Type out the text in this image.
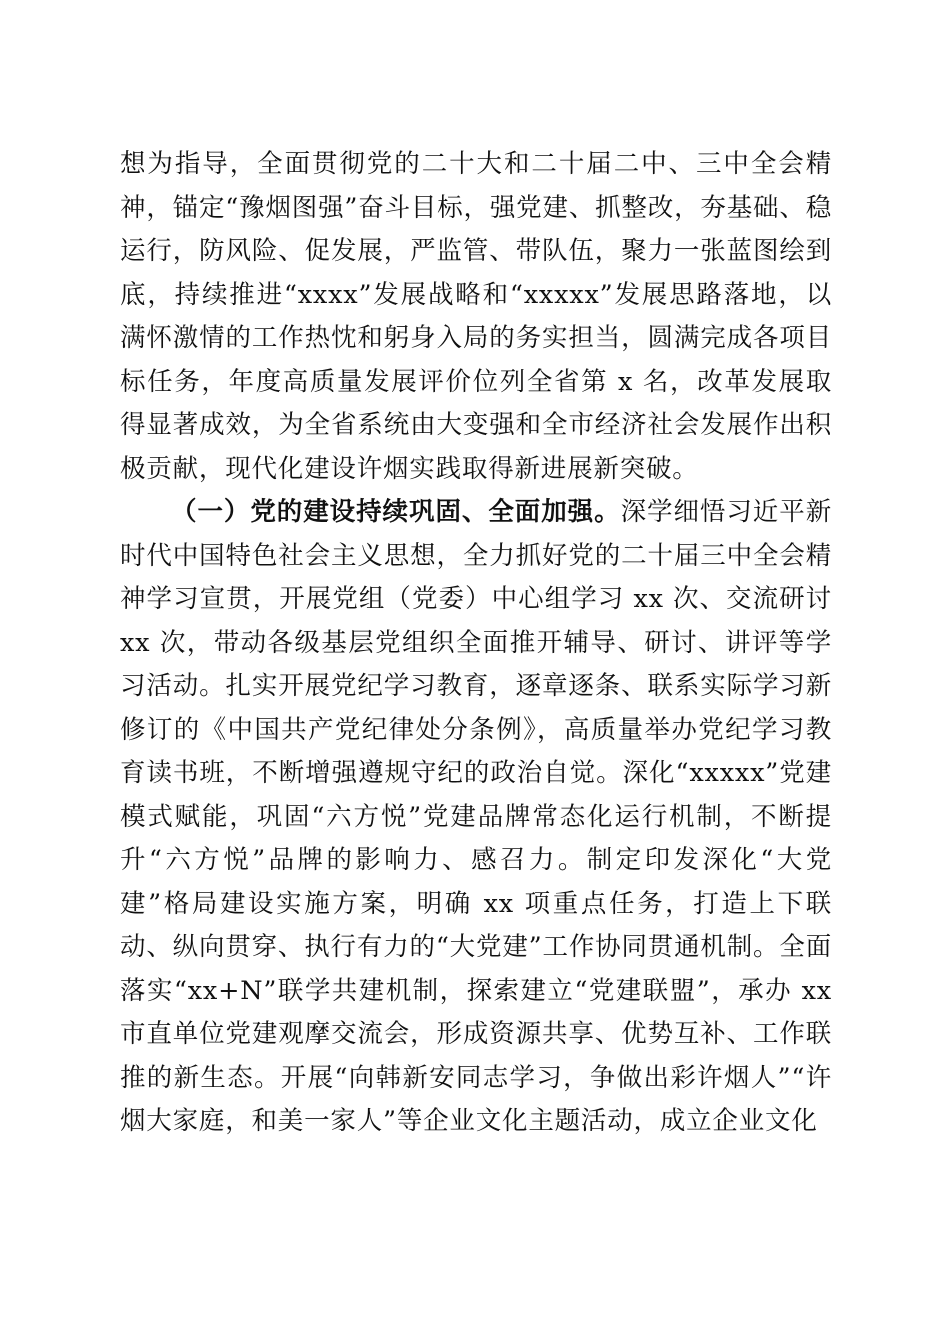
想为指导，全面贯彻党的二十大和二十届二中、三中全会精神，锚定“豫烟图强”奋斗目标，强党建、抓整改，夯基础、稳运行，防风险、促发展，严监管、带队伍，聚力一张蓝图绘到底，持续推进“xxxx”发展战略和“xxxxx”发展思路落地，以满怀激情的工作热忱和躬身入局的务实担当，圆满完成各项目标任务，年度高质量发展评价位列全省第 x 名，改革发展取得显著成效，为全省系统由大变强和全市经济社会发展作出积极贡献，现代化建设许烟实践取得新进展新突破。

（一）党的建设持续巩固、全面加强。深学细悟习近平新时代中国特色社会主义思想，全力抓好党的二十届三中全会精神学习宣贯，开展党组（党委）中心组学习 xx 次、交流研讨 xx 次，带动各级基层党组织全面推开辅导、研讨、讲评等学习活动。扎实开展党纪学习教育，逐章逐条、联系实际学习新修订的《中国共产党纪律处分条例》，高质量举办党纪学习教育读书班，不断增强遵规守纪的政治自觉。深化“xxxxx”党建模式赋能，巩固“六方悦”党建品牌常态化运行机制，不断提升“六方悦”品牌的影响力、感召力。制定印发深化“大党建”格局建设实施方案，明确 xx 项重点任务，打造上下联动、纵向贯穿、执行有力的“大党建”工作协同贯通机制。全面落实“xx+N”联学共建机制，探索建立“党建联盟”，承办 xx 市直单位党建观摩交流会，形成资源共享、优势互补、工作联推的新生态。开展“向韩新安同志学习，争做出彩许烟人”“许烟大家庭，和美一家人”等企业文化主题活动，成立企业文化
